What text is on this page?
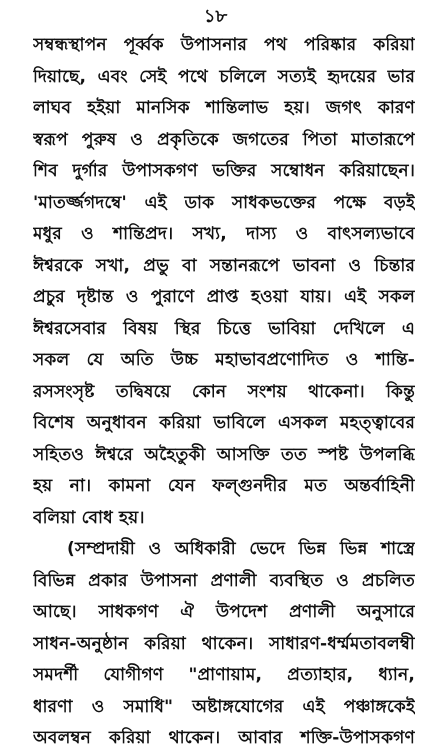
১৮
সম্বন্ধস্থাপন পূর্ব্বক উপাসনার পথ পরিষ্কার করিয়া
দিয়াছে, এবং সেই পথে চলিলে সত্যই হৃদয়ের ভার
লাঘব হইয়া মানসিক শান্তিলাভ হয়। জগৎ কারণ
স্বরূপ পুরুষ ও প্রকৃতিকে জগতের পিতা মাতারূপে
শিব দুর্গার উপাসকগণ ভক্তির সম্বোধন করিয়াছেন।
'মাতর্জ্জগদম্বে' এই ডাক সাধকভক্তের পক্ষে বড়ই
মধুর ও শান্তিপ্রদ। সখ্য, দাস্য ও বাৎসল্যভাবে
ঈশ্বরকে সখা, প্রভু বা সন্তানরূপে ভাবনা ও চিন্তার
প্রচুর দৃষ্টান্ত ও পুরাণে প্রাপ্ত হওয়া যায়। এই সকল
ঈশ্বরসেবার বিষয় স্থির চিত্তে ভাবিয়া দেখিলে এ
সকল যে অতি উচ্চ মহাভাবপ্রণোদিত ও শান্তি-
রসসংসৃষ্ট তদ্বিষয়ে কোন সংশয় থাকেনা। কিন্তু
বিশেষ অনুধাবন করিয়া ভাবিলে এসকল মহত্ত্বাবের
সহিতও ঈশ্বরে অহৈতুকী আসক্তি তত স্পষ্ট উপলব্ধি
হয় না। কামনা যেন ফল্গুনদীর মত অন্তর্বাহিনী
বলিয়া বোধ হয়।
(সম্প্রদায়ী ও অধিকারী ভেদে ভিন্ন ভিন্ন শাস্ত্রে
বিভিন্ন প্রকার উপাসনা প্রণালী ব্যবস্থিত ও প্রচলিত
আছে। সাধকগণ ঐ উপদেশ প্রণালী অনুসারে
সাধন-অনুষ্ঠান করিয়া থাকেন। সাধারণ-ধর্ম্মমতাবলম্বী
সমদর্শী যোগীগণ "প্রাণায়াম, প্রত্যাহার, ধ্যান,
ধারণা ও সমাধি" অষ্টাঙ্গযোগের এই পঞ্চাঙ্গকেই
অবলম্বন করিয়া থাকেন। আবার শক্তি-উপাসকগণ
